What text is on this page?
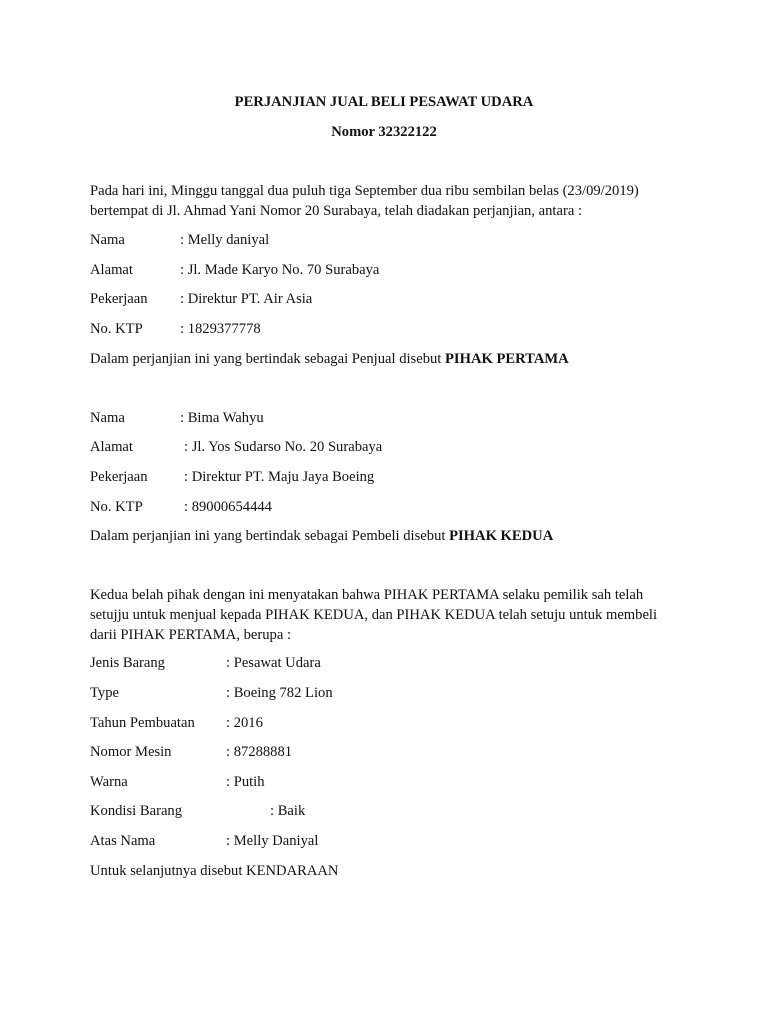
PERJANJIAN JUAL BELI PESAWAT UDARA
Nomor 32322122
Pada hari ini, Minggu tanggal dua puluh tiga September dua ribu sembilan belas (23/09/2019)
bertempat di Jl. Ahmad Yani Nomor 20 Surabaya, telah diadakan perjanjian, antara :
Nama	: Melly daniyal
Alamat	: Jl. Made Karyo No. 70 Surabaya
Pekerjaan : Direktur PT. Air Asia
No. KTP	: 1829377778
Dalam perjanjian ini yang bertindak sebagai Penjual disebut PIHAK PERTAMA
Nama	: Bima Wahyu
Alamat	: Jl. Yos Sudarso No. 20 Surabaya
Pekerjaan : Direktur PT. Maju Jaya Boeing
No. KTP	: 89000654444
Dalam perjanjian ini yang bertindak sebagai Pembeli disebut PIHAK KEDUA
Kedua belah pihak dengan ini menyatakan bahwa PIHAK PERTAMA selaku pemilik sah telah
setujju untuk menjual kepada PIHAK KEDUA, dan PIHAK KEDUA telah setuju untuk membeli
darii PIHAK PERTAMA, berupa :
Jenis Barang	: Pesawat Udara
Type	: Boeing 782 Lion
Tahun Pembuatan : 2016
Nomor Mesin	: 87288881
Warna	: Putih
Kondisi Barang	: Baik
Atas Nama	: Melly Daniyal
Untuk selanjutnya disebut KENDARAAN
